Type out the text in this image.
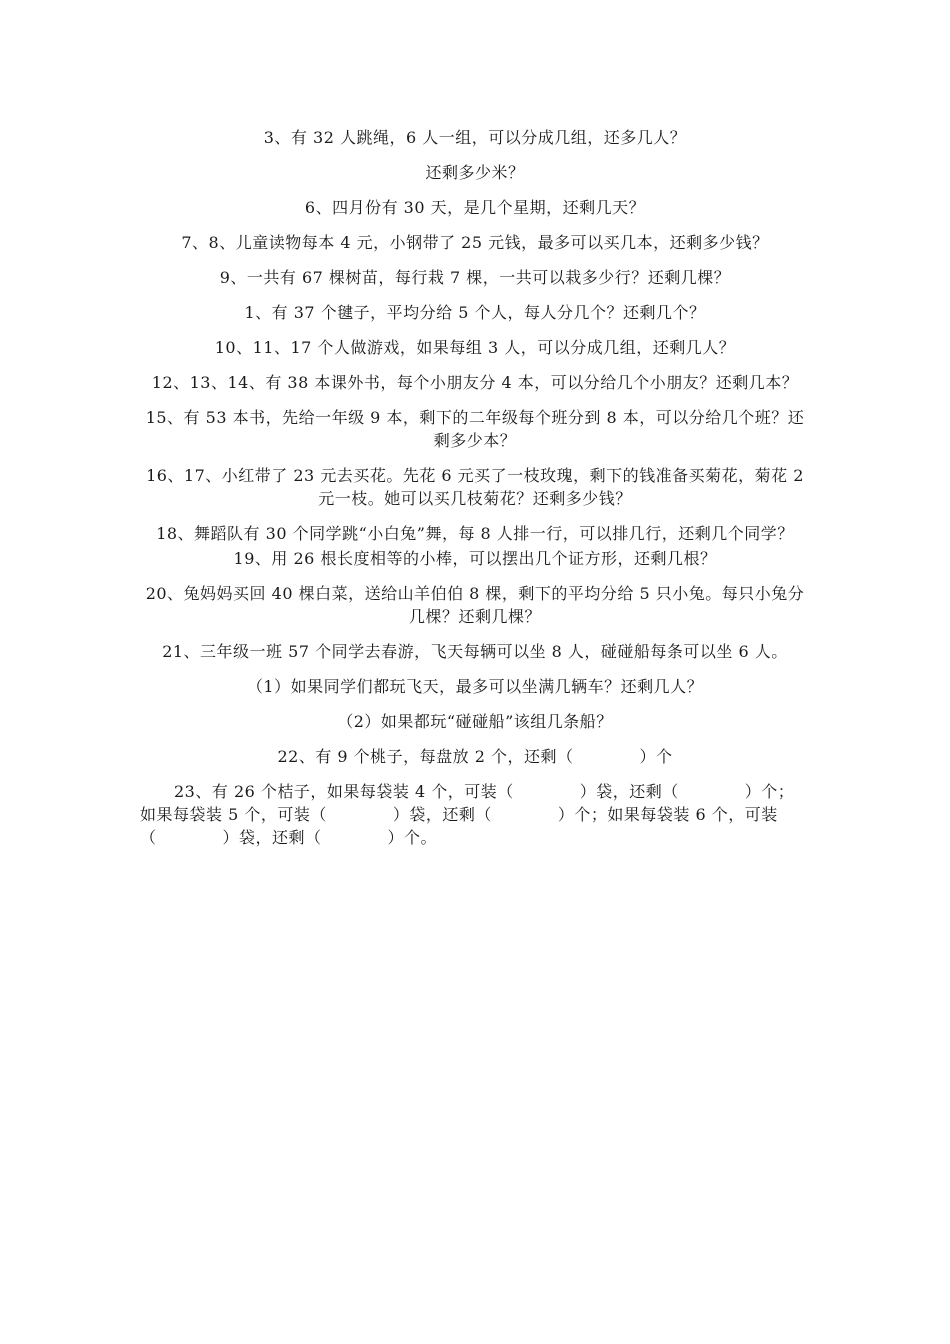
3、有 32 人跳绳，6 人一组，可以分成几组，还多几人？

还剩多少米？

6、四月份有 30 天，是几个星期，还剩几天？

7、8、儿童读物每本 4 元，小钢带了 25 元钱，最多可以买几本，还剩多少钱？

9、一共有 67 棵树苗，每行栽 7 棵，一共可以栽多少行？还剩几棵？

1、有 37 个毽子，平均分给 5 个人，每人分几个？还剩几个？

10、11、17 个人做游戏，如果每组 3 人，可以分成几组，还剩几人？

12、13、14、有 38 本课外书，每个小朋友分 4 本，可以分给几个小朋友？还剩几本？

15、有 53 本书，先给一年级 9 本，剩下的二年级每个班分到 8 本，可以分给几个班？还剩多少本？

16、17、小红带了 23 元去买花。先花 6 元买了一枝玫瑰，剩下的钱准备买菊花，菊花 2 元一枝。她可以买几枝菊花？还剩多少钱？

18、舞蹈队有 30 个同学跳“小白兔”舞，每 8 人排一行，可以排几行，还剩几个同学？

19、用 26 根长度相等的小棒，可以摆出几个证方形，还剩几根？

20、兔妈妈买回 40 棵白菜，送给山羊伯伯 8 棵，剩下的平均分给 5 只小兔。每只小兔分几棵？还剩几棵？

21、三年级一班 57 个同学去春游，飞天每辆可以坐 8 人，碰碰船每条可以坐 6 人。

（1）如果同学们都玩飞天，最多可以坐满几辆车？还剩几人？

（2）如果都玩“碰碰船”该组几条船？

22、有 9 个桃子，每盘放 2 个，还剩（　　　　）个

23、有 26 个桔子，如果每袋装 4 个，可装（　　　　）袋，还剩（　　　　）个；如果每袋装 5 个，可装（　　　　）袋，还剩（　　　　）个；如果每袋装 6 个，可装（　　　　）袋，还剩（　　　　）个。
